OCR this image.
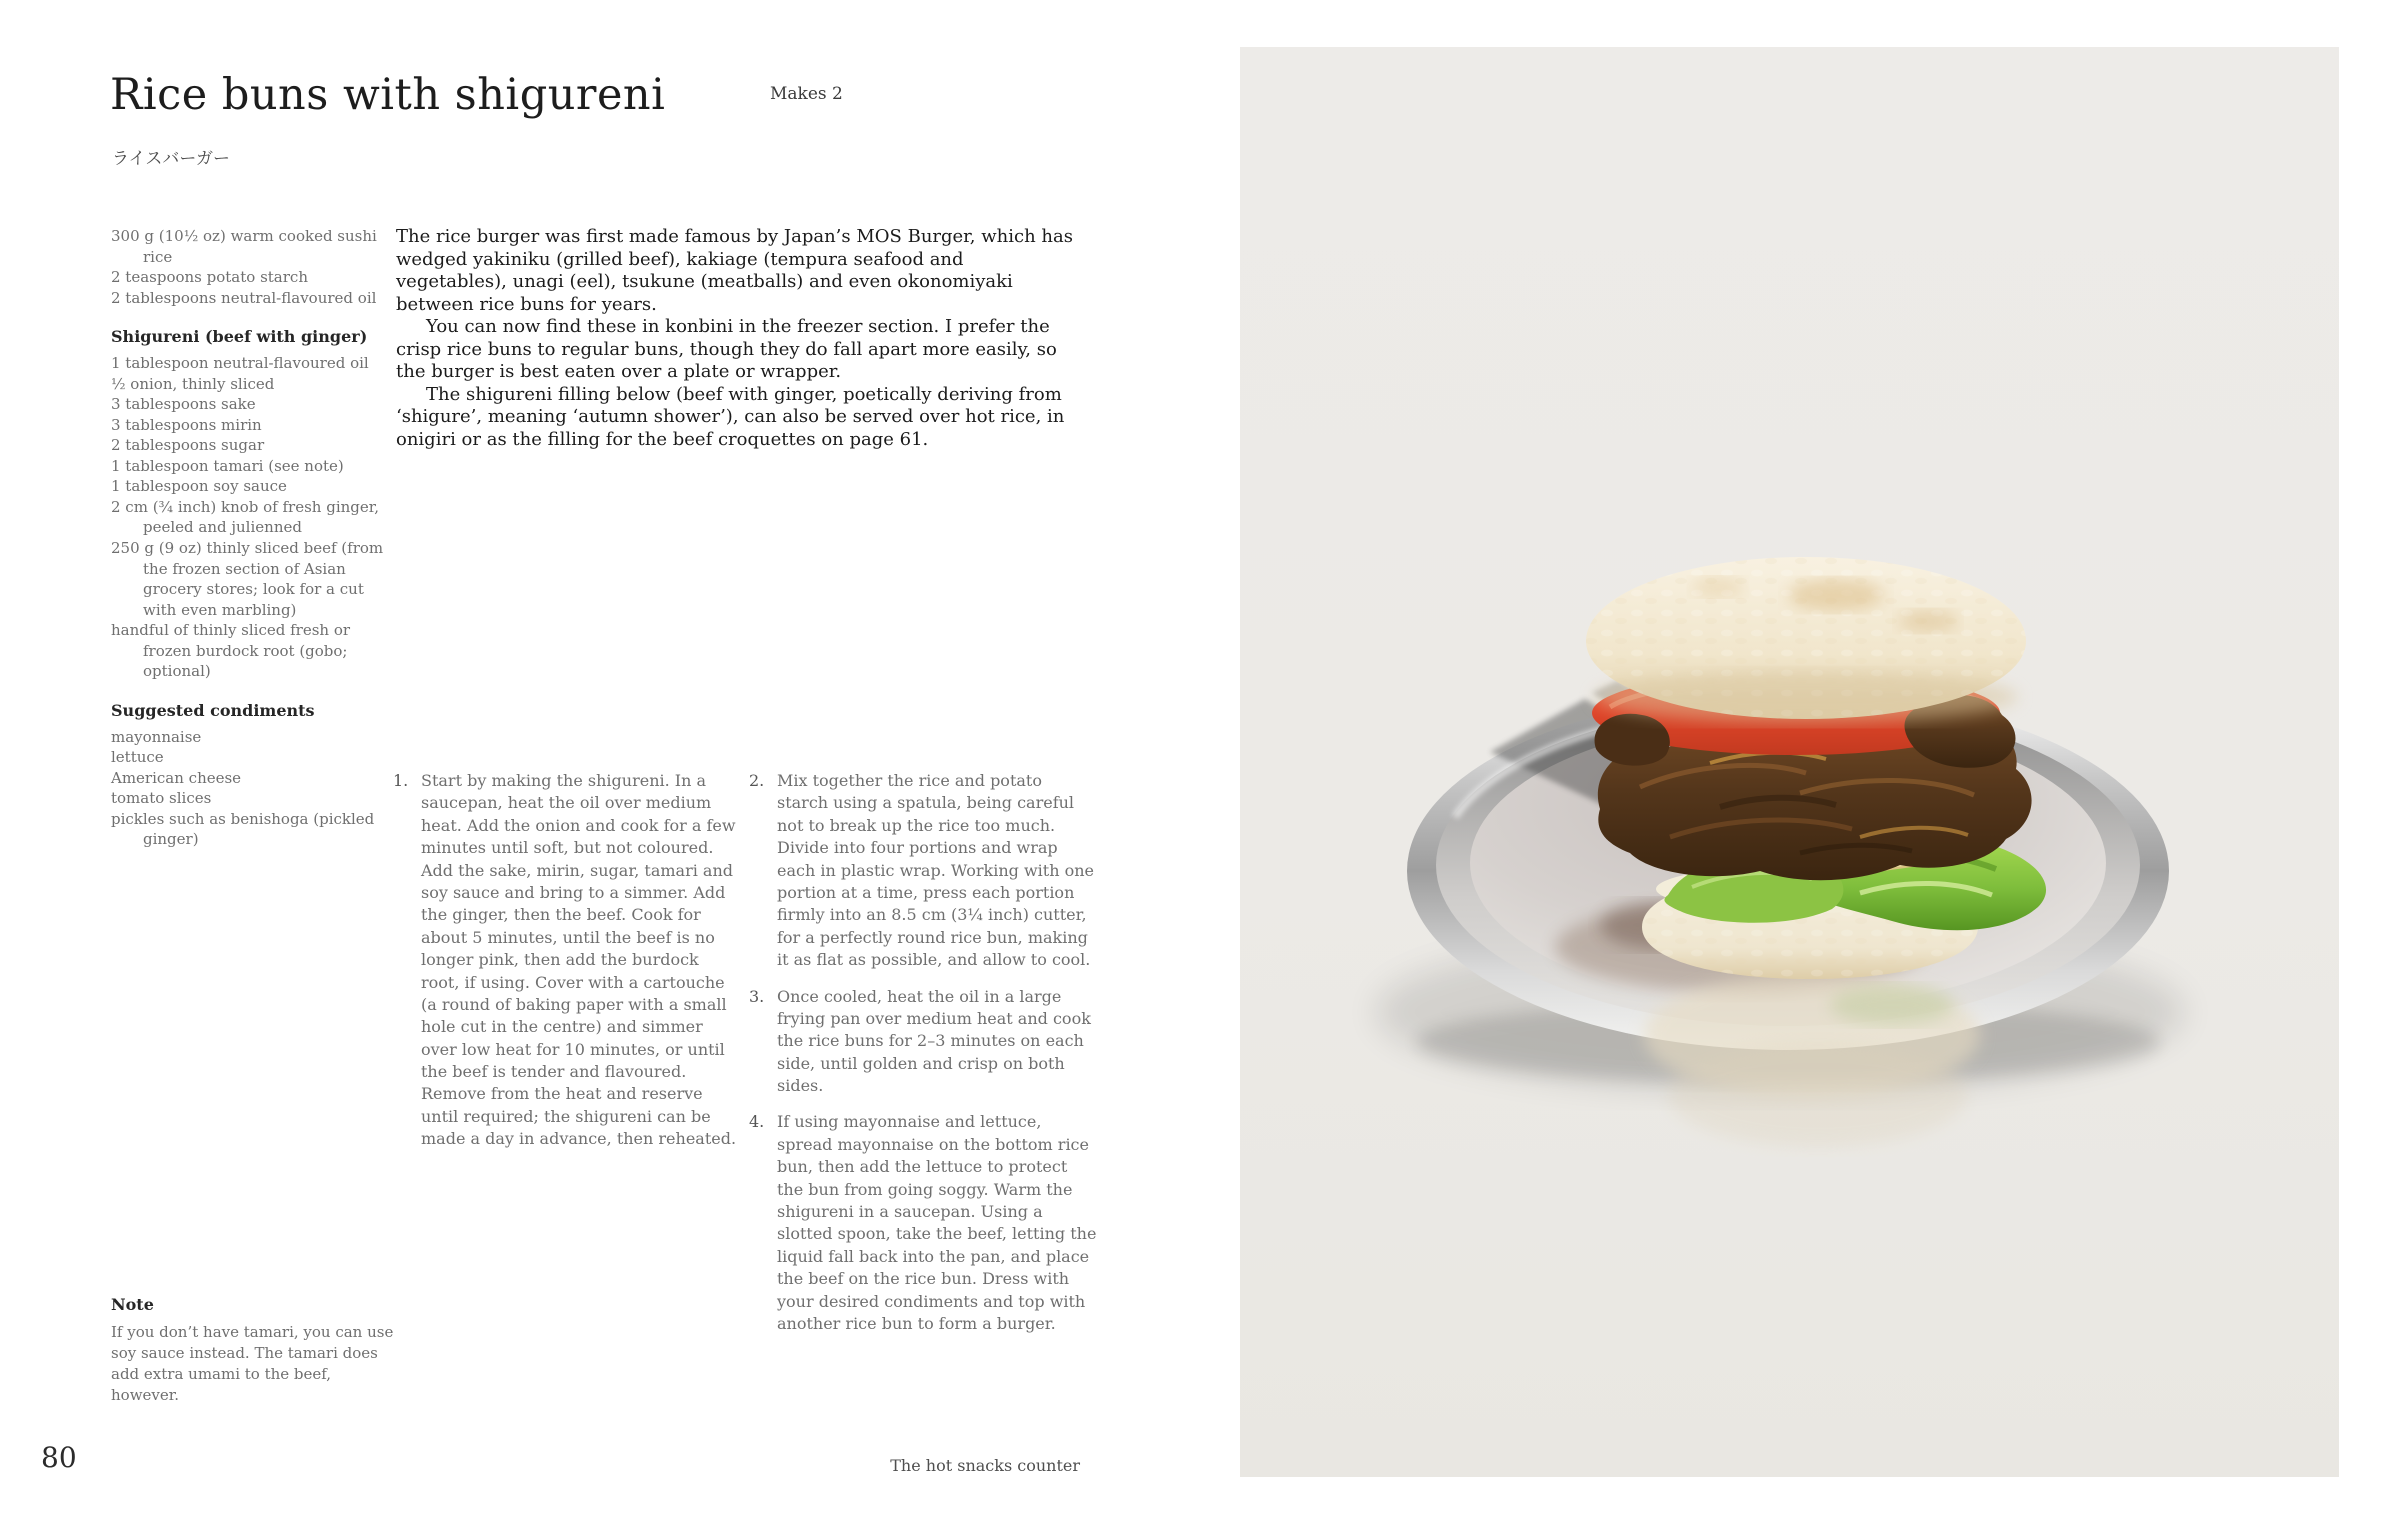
Rice buns with shigureni	Makes 2
ライスバーガー
300 g (10½ oz) warm cooked sushi rice
2 teaspoons potato starch
2 tablespoons neutral-flavoured oil
Shigureni (beef with ginger)
1 tablespoon neutral-flavoured oil
½ onion, thinly sliced
3 tablespoons sake
3 tablespoons mirin
2 tablespoons sugar
1 tablespoon tamari (see note)
1 tablespoon soy sauce
2 cm (¾ inch) knob of fresh ginger, peeled and julienned
250 g (9 oz) thinly sliced beef (from the frozen section of Asian grocery stores; look for a cut with even marbling)
handful of thinly sliced fresh or frozen burdock root (gobo; optional)
Suggested condiments
mayonnaise
lettuce
American cheese
tomato slices
pickles such as benishoga (pickled ginger)

The rice burger was first made famous by Japan’s MOS Burger, which has wedged yakiniku (grilled beef), kakiage (tempura seafood and vegetables), unagi (eel), tsukune (meatballs) and even okonomiyaki between rice buns for years.

You can now find these in konbini in the freezer section. I prefer the crisp rice buns to regular buns, though they do fall apart more easily, so the burger is best eaten over a plate or wrapper.

The shigureni filling below (beef with ginger, poetically deriving from ‘shigure’, meaning ‘autumn shower’), can also be served over hot rice, in onigiri or as the filling for the beef croquettes on page 61.

1. Start by making the shigureni. In a saucepan, heat the oil over medium heat. Add the onion and cook for a few minutes until soft, but not coloured. Add the sake, mirin, sugar, tamari and soy sauce and bring to a simmer. Add the ginger, then the beef. Cook for about 5 minutes, until the beef is no longer pink, then add the burdock root, if using. Cover with a cartouche (a round of baking paper with a small hole cut in the centre) and simmer over low heat for 10 minutes, or until the beef is tender and flavoured. Remove from the heat and reserve until required; the shigureni can be made a day in advance, then reheated.

2. Mix together the rice and potato starch using a spatula, being careful not to break up the rice too much. Divide into four portions and wrap each in plastic wrap. Working with one portion at a time, press each portion firmly into an 8.5 cm (3¼ inch) cutter, for a perfectly round rice bun, making it as flat as possible, and allow to cool.

3. Once cooled, heat the oil in a large frying pan over medium heat and cook the rice buns for 2–3 minutes on each side, until golden and crisp on both sides.

4. If using mayonnaise and lettuce, spread mayonnaise on the bottom rice bun, then add the lettuce to protect the bun from going soggy. Warm the shigureni in a saucepan. Using a slotted spoon, take the beef, letting the liquid fall back into the pan, and place the beef on the rice bun. Dress with your desired condiments and top with another rice bun to form a burger.

Note

If you don’t have tamari, you can use soy sauce instead. The tamari does add extra umami to the beef, however.

80	The hot snacks counter
